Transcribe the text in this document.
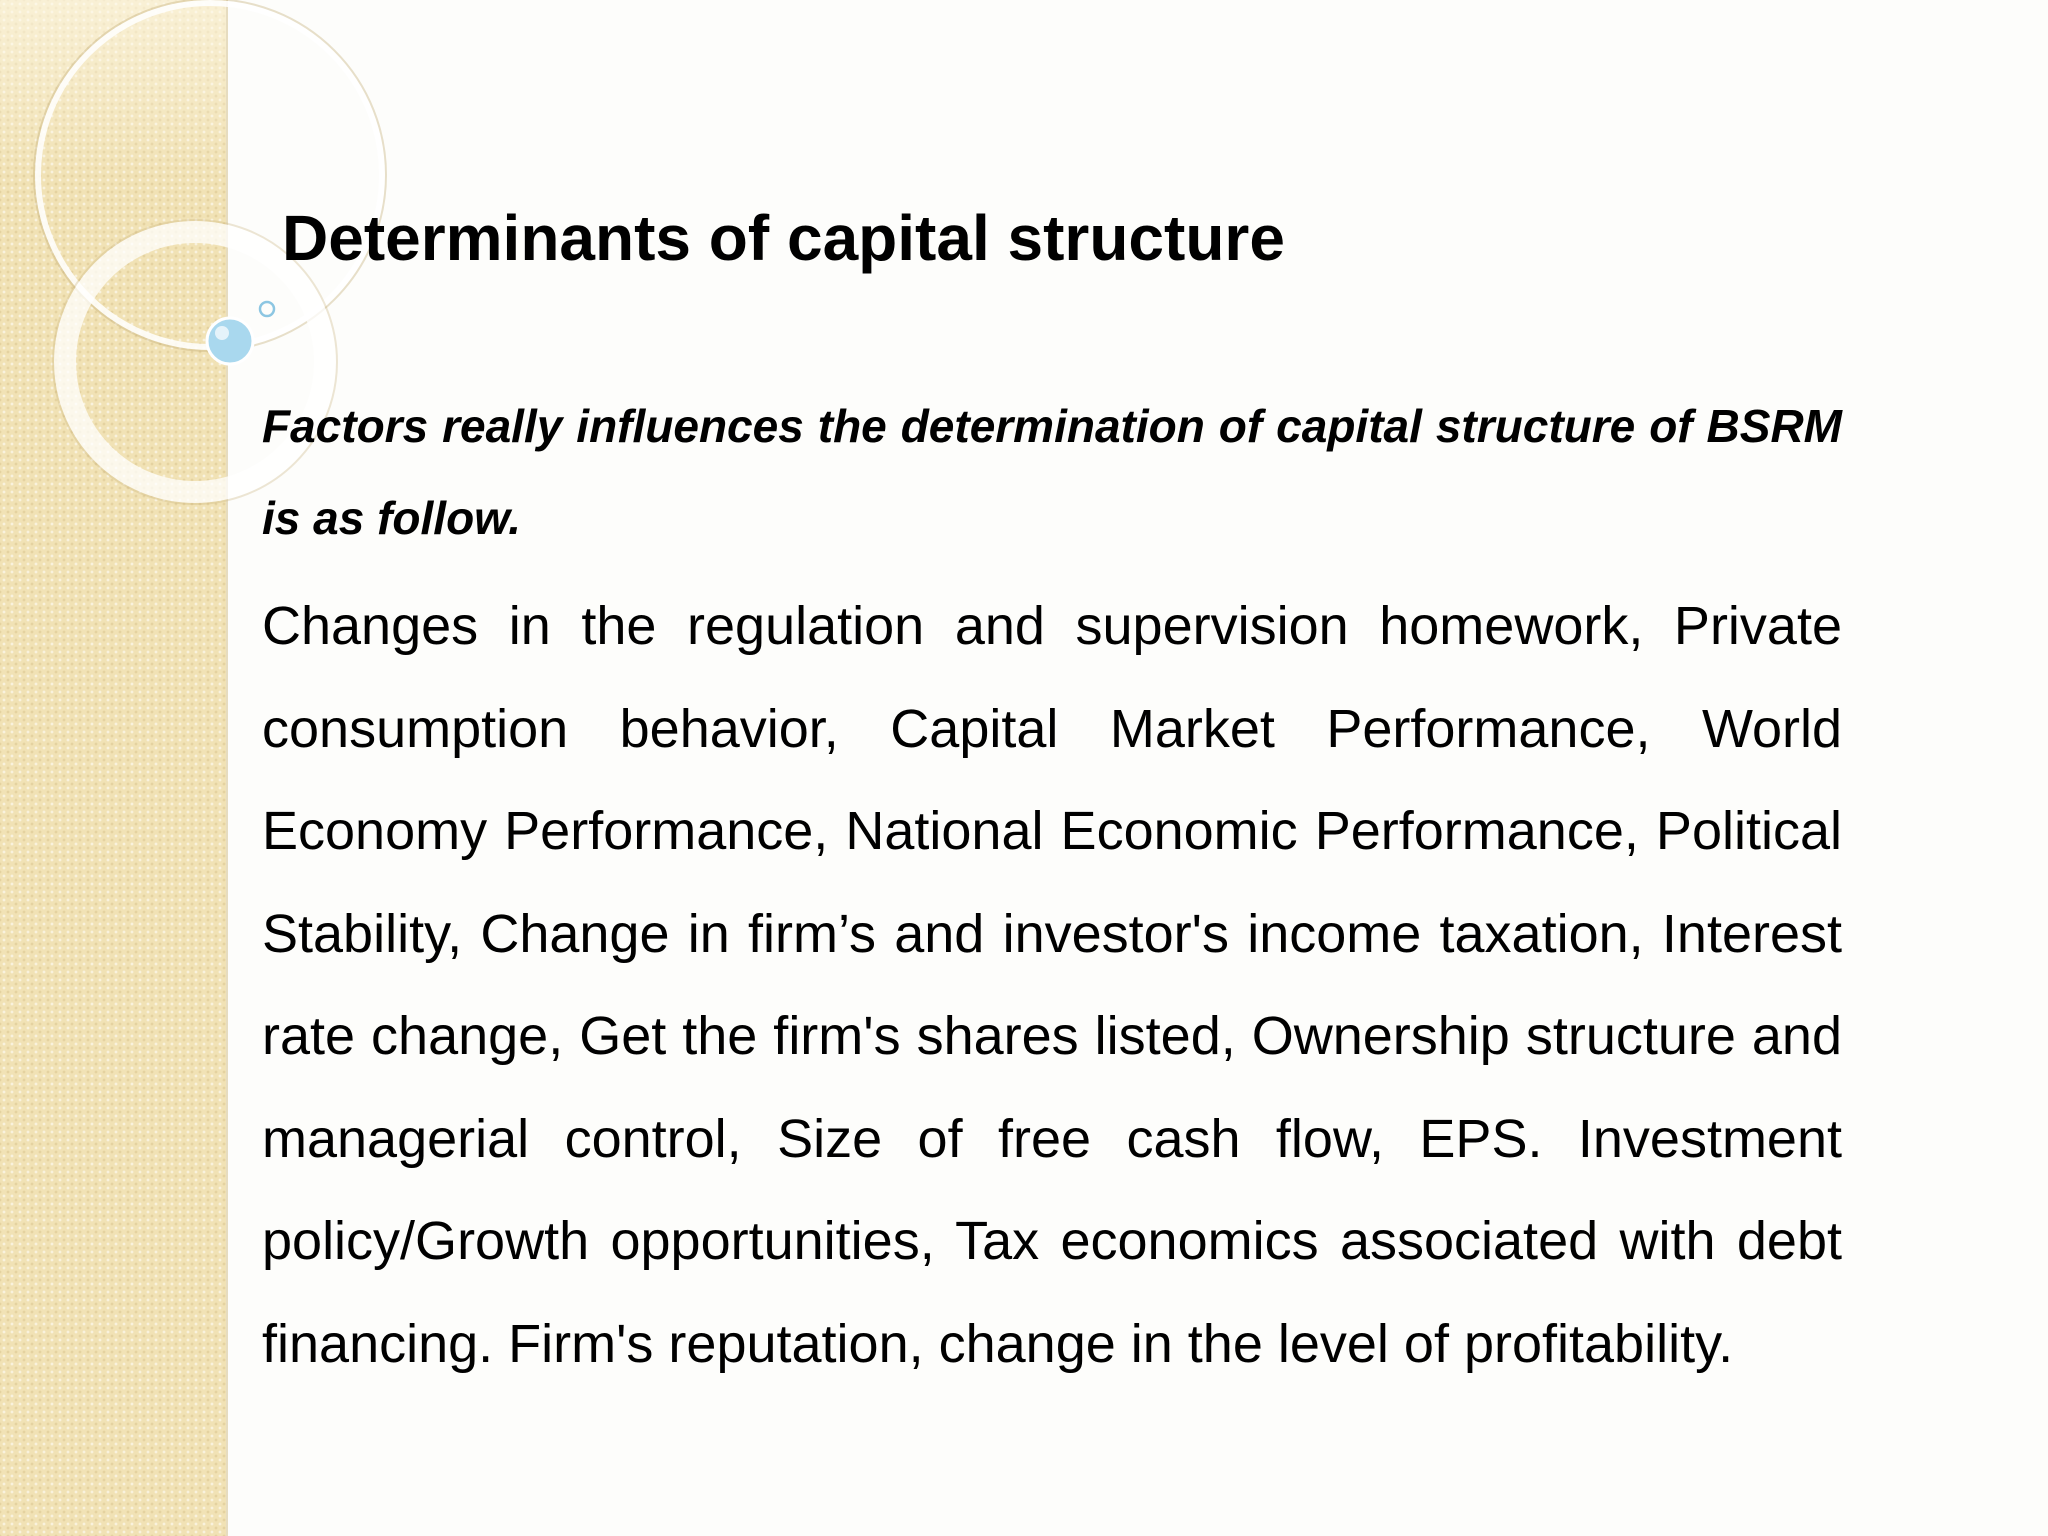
Determinants of capital structure

Factors really influences the determination of capital structure of BSRM is as follow.

Changes in the regulation and supervision homework, Private consumption behavior, Capital Market Performance, World Economy Performance, National Economic Performance, Political Stability, Change in firm’s and investor's income taxation, Interest rate change, Get the firm's shares listed, Ownership structure and managerial control, Size of free cash flow, EPS. Investment policy/Growth opportunities, Tax economics associated with debt financing. Firm's reputation, change in the level of profitability.
